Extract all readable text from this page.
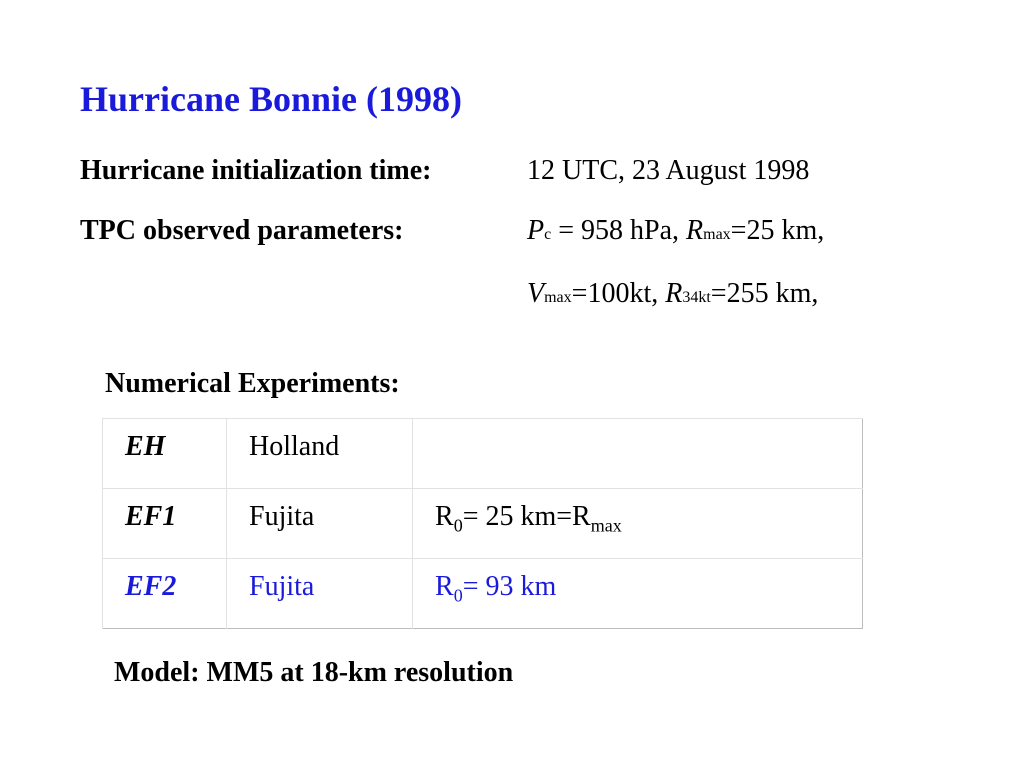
Hurricane Bonnie (1998)
Hurricane initialization time:	12 UTC, 23 August 1998
TPC observed parameters:	Pc = 958 hPa, Rmax=25 km,
Vmax=100kt, R34kt=255 km,
Numerical Experiments:
EH	Holland	
EF1	Fujita	$R_0= 25$ $km=R_{max}$
EF2	Fujita	$R_0= 93$ km
Model: MM5 at 18-km resolution
